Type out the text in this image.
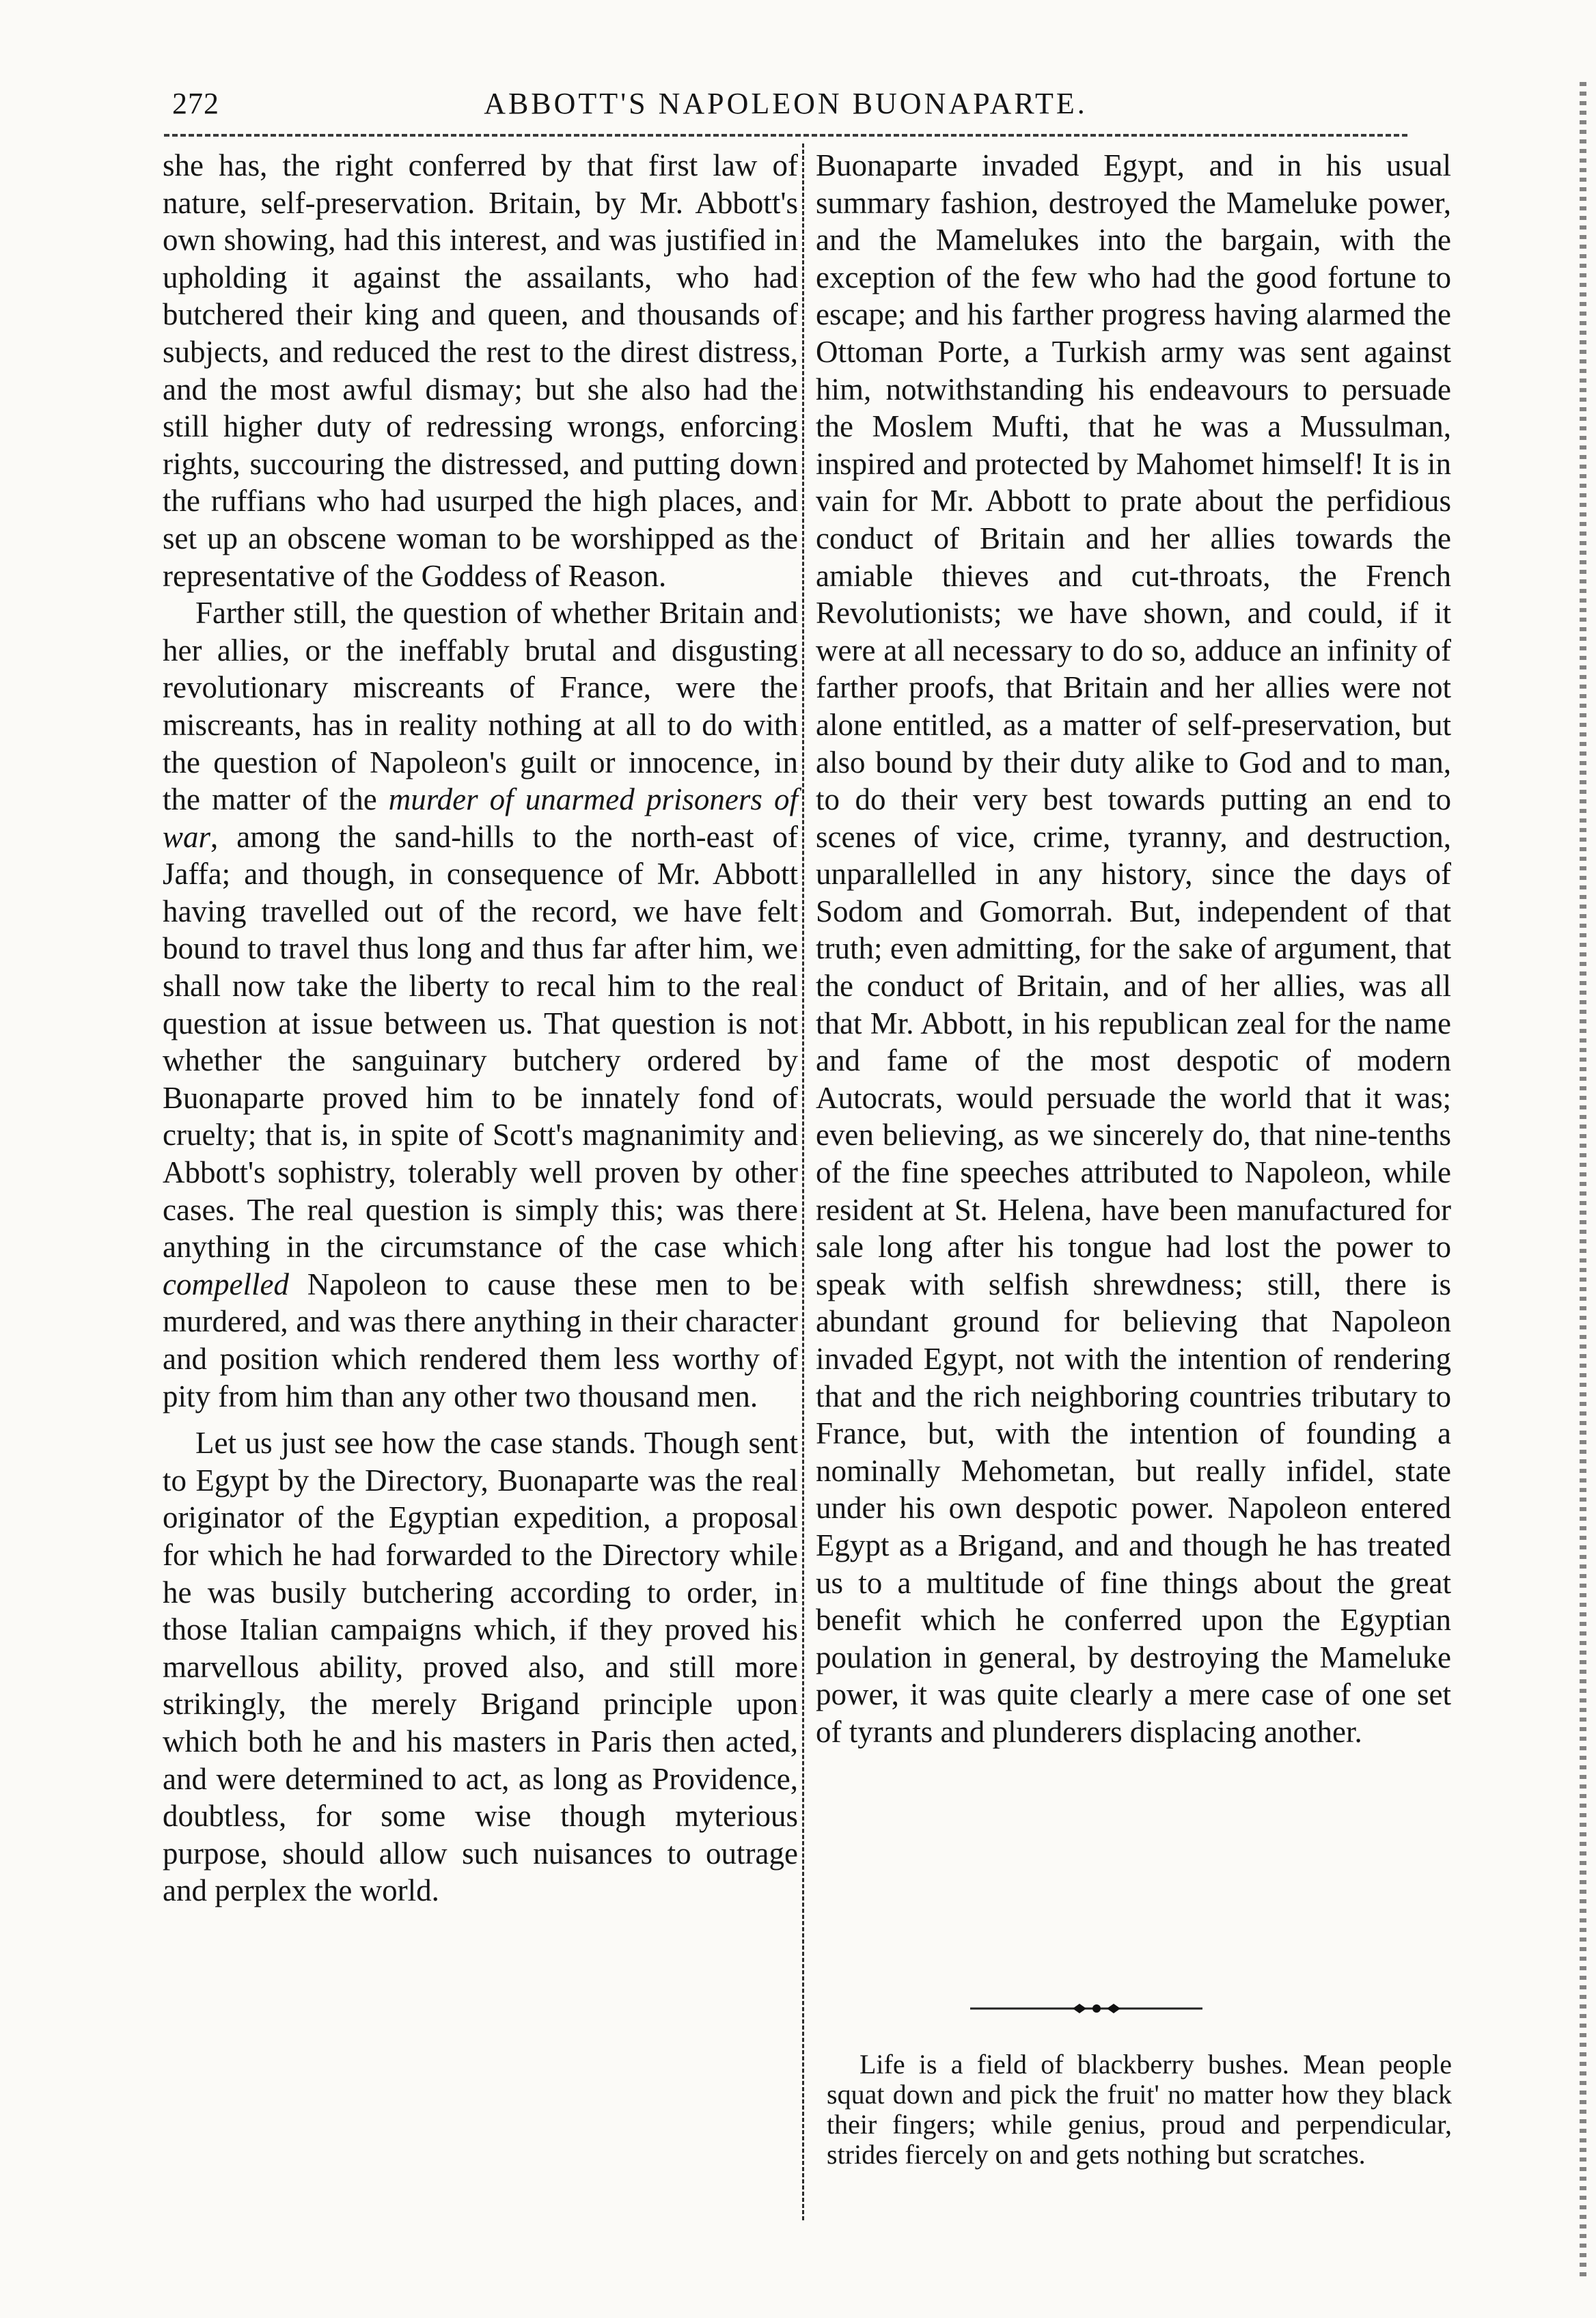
272	ABBOTT'S NAPOLEON BUONAPARTE.

she has, the right conferred by that first law of nature, self-preservation. Britain, by Mr. Abbott's own showing, had this interest, and was justified in upholding it against the assailants, who had butchered their king and queen, and thousands of subjects, and reduced the rest to the direst distress, and the most awful dismay; but she also had the still higher duty of redressing wrongs, enforcing rights, succouring the distressed, and putting down the ruffians who had usurped the high places, and set up an obscene woman to be worshipped as the representative of the Goddess of Reason.

Farther still, the question of whether Britain and her allies, or the ineffably brutal and disgusting revolutionary miscreants of France, were the miscreants, has in reality nothing at all to do with the question of Napoleon's guilt or innocence, in the matter of the murder of unarmed prisoners of war, among the sand-hills to the north-east of Jaffa; and though, in consequence of Mr. Abbott having travelled out of the record, we have felt bound to travel thus long and thus far after him, we shall now take the liberty to recal him to the real question at issue between us. That question is not whether the sanguinary butchery ordered by Buonaparte proved him to be innately fond of cruelty; that is, in spite of Scott's magnanimity and Abbott's sophistry, tolerably well proven by other cases. The real question is simply this; was there anything in the circumstance of the case which compelled Napoleon to cause these men to be murdered, and was there anything in their character and position which rendered them less worthy of pity from him than any other two thousand men.

Let us just see how the case stands. Though sent to Egypt by the Directory, Buonaparte was the real originator of the Egyptian expedition, a proposal for which he had forwarded to the Directory while he was busily butchering according to order, in those Italian campaigns which, if they proved his marvellous ability, proved also, and still more strikingly, the merely Brigand principle upon which both he and his masters in Paris then acted, and were determined to act, as long as Providence, doubtless, for some wise though myterious purpose, should allow such nuisances to outrage and perplex the world.

Buonaparte invaded Egypt, and in his usual summary fashion, destroyed the Mameluke power, and the Mamelukes into the bargain, with the exception of the few who had the good fortune to escape; and his farther progress having alarmed the Ottoman Porte, a Turkish army was sent against him, notwithstanding his endeavours to persuade the Moslem Mufti, that he was a Mussulman, inspired and protected by Mahomet himself! It is in vain for Mr. Abbott to prate about the perfidious conduct of Britain and her allies towards the amiable thieves and cut-throats, the French Revolutionists; we have shown, and could, if it were at all necessary to do so, adduce an infinity of farther proofs, that Britain and her allies were not alone entitled, as a matter of self-preservation, but also bound by their duty alike to God and to man, to do their very best towards putting an end to scenes of vice, crime, tyranny, and destruction, unparallelled in any history, since the days of Sodom and Gomorrah. But, independent of that truth; even admitting, for the sake of argument, that the conduct of Britain, and of her allies, was all that Mr. Abbott, in his republican zeal for the name and fame of the most despotic of modern Autocrats, would persuade the world that it was; even believing, as we sincerely do, that nine-tenths of the fine speeches attributed to Napoleon, while resident at St. Helena, have been manufactured for sale long after his tongue had lost the power to speak with selfish shrewdness; still, there is abundant ground for believing that Napoleon invaded Egypt, not with the intention of rendering that and the rich neighboring countries tributary to France, but, with the intention of founding a nominally Mehometan, but really infidel, state under his own despotic power. Napoleon entered Egypt as a Brigand, and and though he has treated us to a multitude of fine things about the great benefit which he conferred upon the Egyptian poulation in general, by destroying the Mameluke power, it was quite clearly a mere case of one set of tyrants and plunderers displacing another.

Life is a field of blackberry bushes. Mean people squat down and pick the fruit' no matter how they black their fingers; while genius, proud and perpendicular, strides fiercely on and gets nothing but scratches.
